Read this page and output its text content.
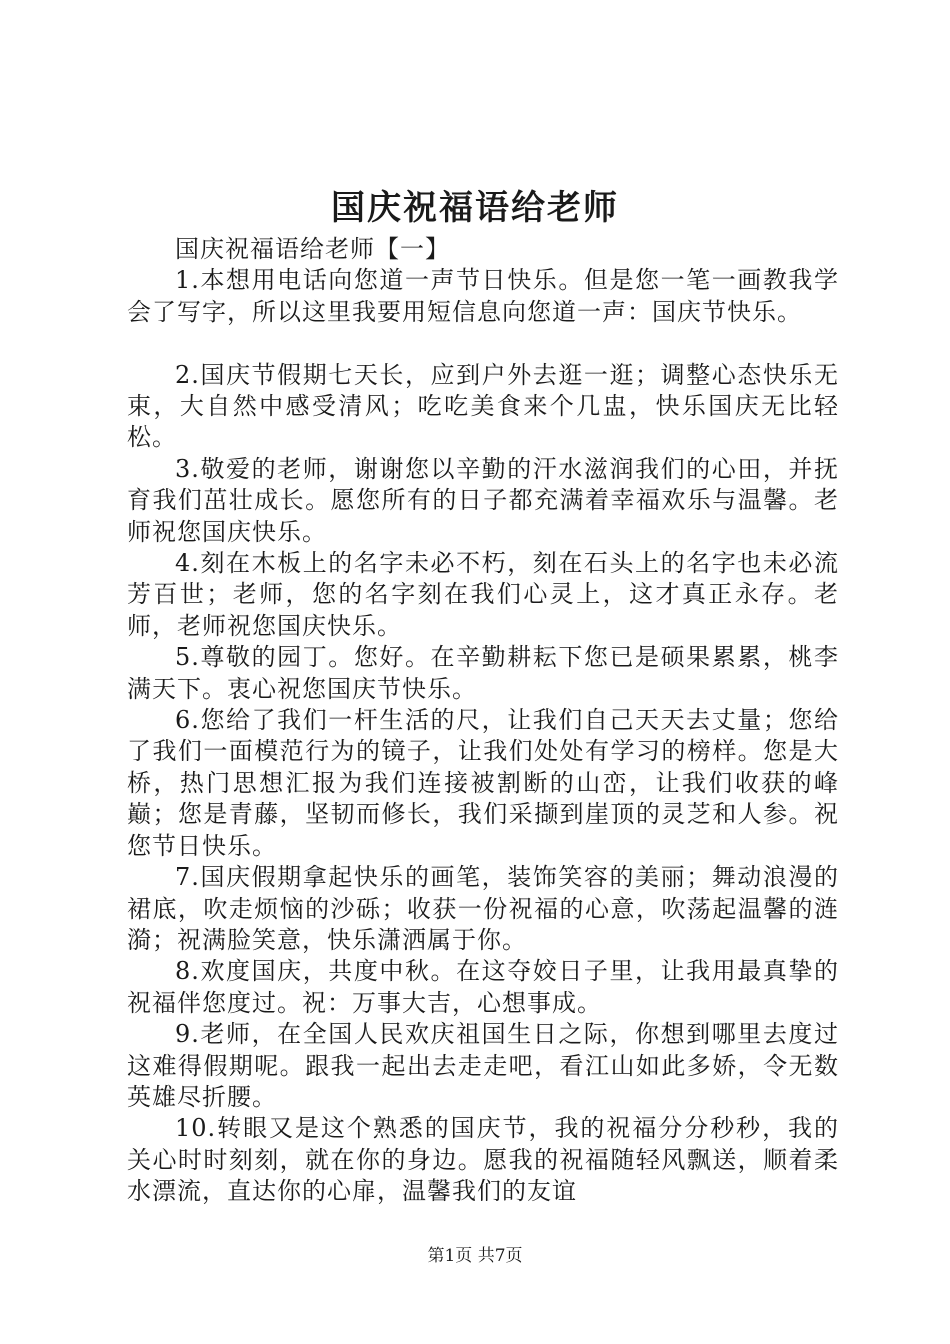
国庆祝福语给老师

国庆祝福语给老师【一】

1.本想用电话向您道一声节日快乐。但是您一笔一画教我学会了写字，所以这里我要用短信息向您道一声：国庆节快乐。

2.国庆节假期七天长，应到户外去逛一逛；调整心态快乐无束，大自然中感受清风；吃吃美食来个几盅，快乐国庆无比轻松。

3.敬爱的老师，谢谢您以辛勤的汗水滋润我们的心田，并抚育我们茁壮成长。愿您所有的日子都充满着幸福欢乐与温馨。老师祝您国庆快乐。

4.刻在木板上的名字未必不朽，刻在石头上的名字也未必流芳百世；老师，您的名字刻在我们心灵上，这才真正永存。老师，老师祝您国庆快乐。

5.尊敬的园丁。您好。在辛勤耕耘下您已是硕果累累，桃李满天下。衷心祝您国庆节快乐。

6.您给了我们一杆生活的尺，让我们自己天天去丈量；您给了我们一面模范行为的镜子，让我们处处有学习的榜样。您是大桥，热门思想汇报为我们连接被割断的山峦，让我们收获的峰巅；您是青藤，坚韧而修长，我们采撷到崖顶的灵芝和人参。祝您节日快乐。

7.国庆假期拿起快乐的画笔，装饰笑容的美丽；舞动浪漫的裙底，吹走烦恼的沙砾；收获一份祝福的心意，吹荡起温馨的涟漪；祝满脸笑意，快乐潇洒属于你。

8.欢度国庆，共度中秋。在这夺姣日子里，让我用最真挚的祝福伴您度过。祝：万事大吉，心想事成。

9.老师，在全国人民欢庆祖国生日之际，你想到哪里去度过这难得假期呢。跟我一起出去走走吧，看江山如此多娇，令无数英雄尽折腰。

10.转眼又是这个熟悉的国庆节，我的祝福分分秒秒，我的关心时时刻刻，就在你的身边。愿我的祝福随轻风飘送，顺着柔水漂流，直达你的心扉，温馨我们的友谊

第1页 共7页
